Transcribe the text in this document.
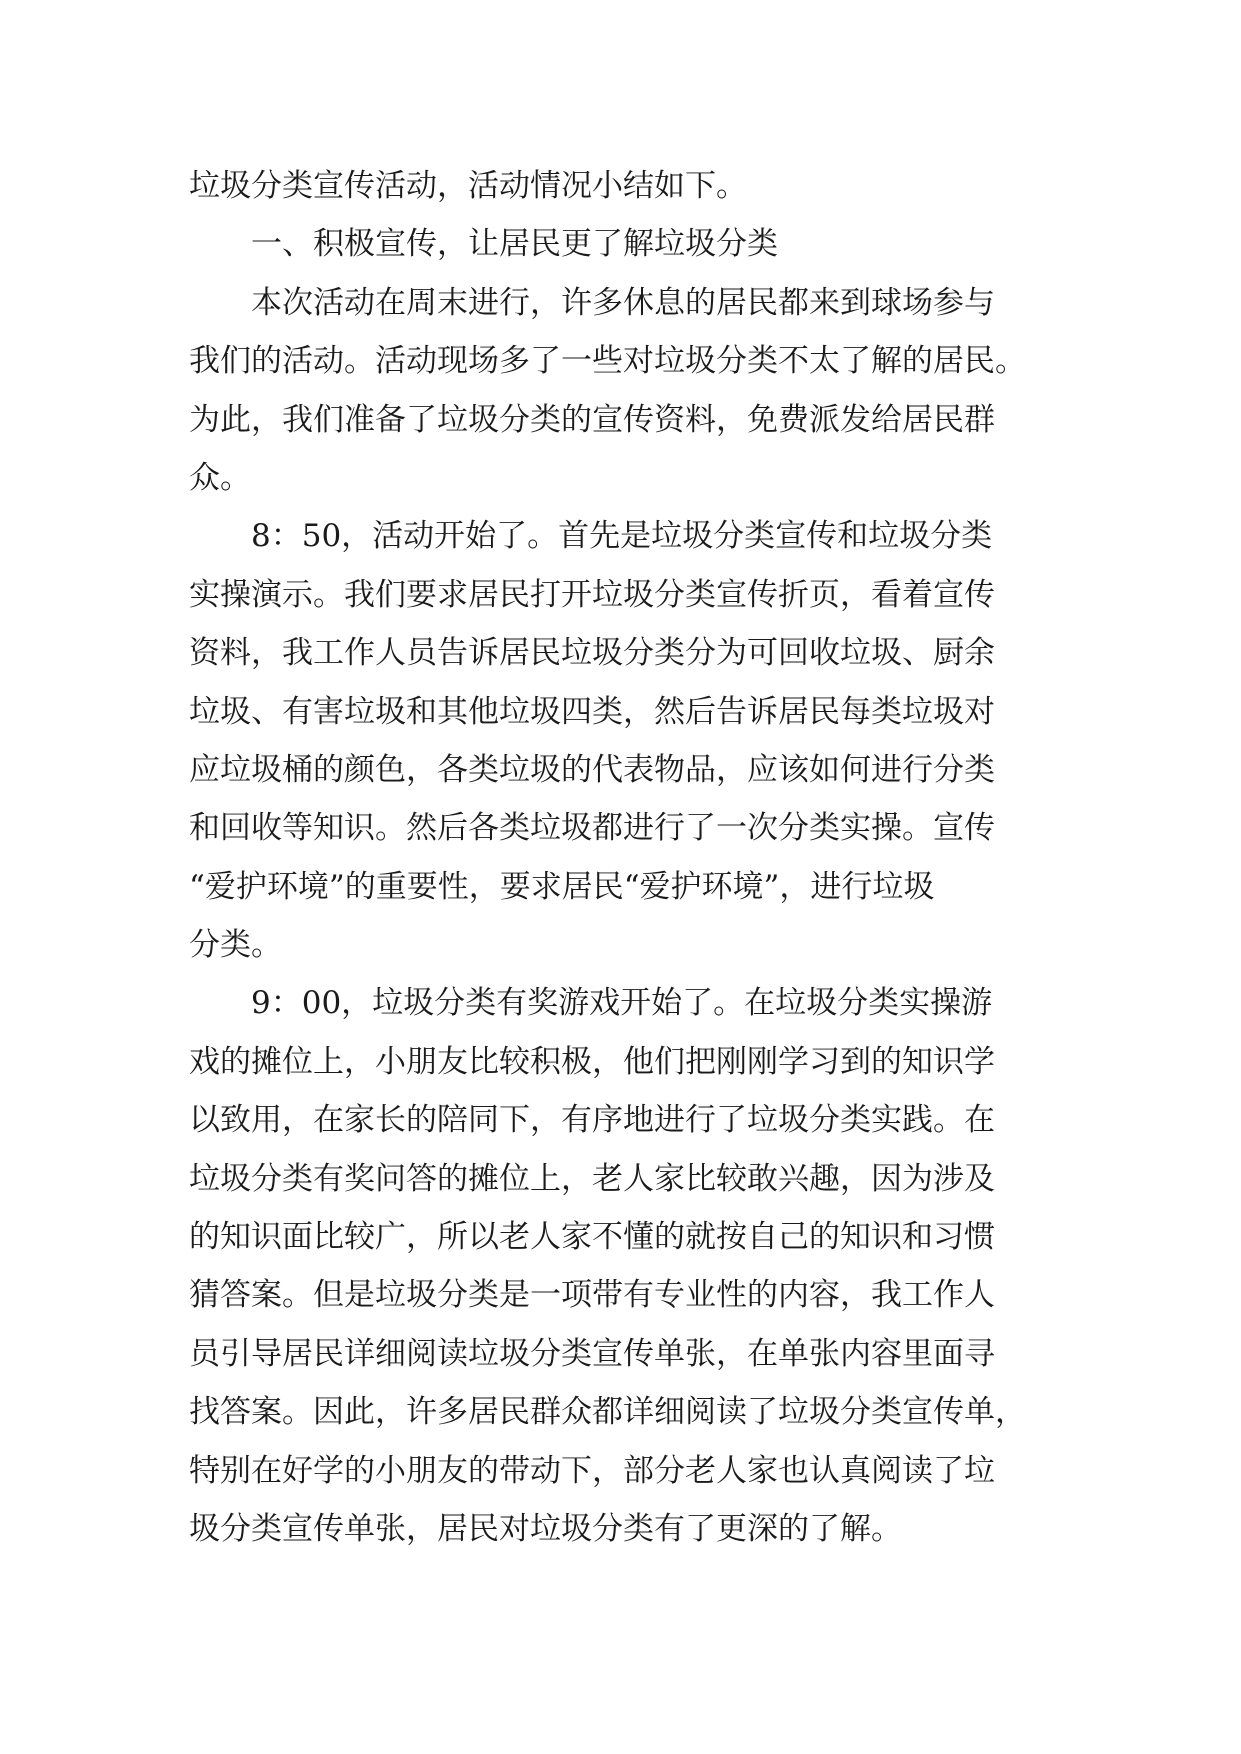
垃圾分类宣传活动，活动情况小结如下。
　　一、积极宣传，让居民更了解垃圾分类
　　本次活动在周末进行，许多休息的居民都来到球场参与
我们的活动。活动现场多了一些对垃圾分类不太了解的居民。
为此，我们准备了垃圾分类的宣传资料，免费派发给居民群
众。
　　8：50，活动开始了。首先是垃圾分类宣传和垃圾分类
实操演示。我们要求居民打开垃圾分类宣传折页，看着宣传
资料，我工作人员告诉居民垃圾分类分为可回收垃圾、厨余
垃圾、有害垃圾和其他垃圾四类，然后告诉居民每类垃圾对
应垃圾桶的颜色，各类垃圾的代表物品，应该如何进行分类
和回收等知识。然后各类垃圾都进行了一次分类实操。宣传
“爱护环境”的重要性，要求居民“爱护环境”，进行垃圾
分类。
　　9：00，垃圾分类有奖游戏开始了。在垃圾分类实操游
戏的摊位上，小朋友比较积极，他们把刚刚学习到的知识学
以致用，在家长的陪同下，有序地进行了垃圾分类实践。在
垃圾分类有奖问答的摊位上，老人家比较敢兴趣，因为涉及
的知识面比较广，所以老人家不懂的就按自己的知识和习惯
猜答案。但是垃圾分类是一项带有专业性的内容，我工作人
员引导居民详细阅读垃圾分类宣传单张，在单张内容里面寻
找答案。因此，许多居民群众都详细阅读了垃圾分类宣传单，
特别在好学的小朋友的带动下，部分老人家也认真阅读了垃
圾分类宣传单张，居民对垃圾分类有了更深的了解。
